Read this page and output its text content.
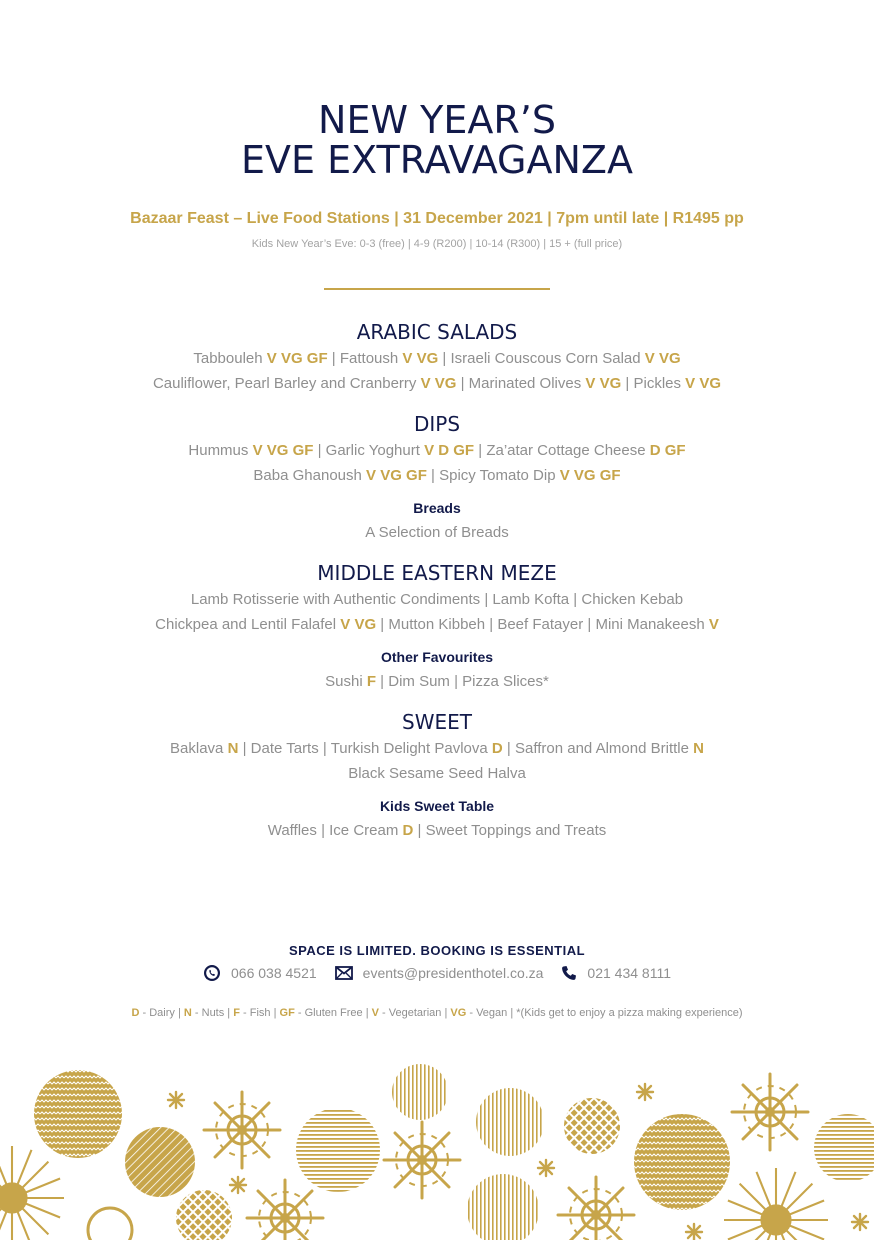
NEW YEAR’S
EVE EXTRAVAGANZA
Bazaar Feast – Live Food Stations | 31 December 2021 | 7pm until late | R1495 pp
Kids New Year’s Eve: 0-3 (free) | 4-9 (R200) | 10-14 (R300) | 15 + (full price)
ARABIC SALADS
Tabbouleh V VG GF | Fattoush V VG | Israeli Couscous Corn Salad V VG
Cauliflower, Pearl Barley and Cranberry V VG | Marinated Olives V VG | Pickles V VG
DIPS
Hummus V VG GF | Garlic Yoghurt V D GF | Za’atar Cottage Cheese D GF
Baba Ghanoush V VG GF | Spicy Tomato Dip V VG GF
Breads
A Selection of Breads
MIDDLE EASTERN MEZE
Lamb Rotisserie with Authentic Condiments | Lamb Kofta | Chicken Kebab
Chickpea and Lentil Falafel V VG | Mutton Kibbeh | Beef Fatayer | Mini Manakeesh V
Other Favourites
Sushi F | Dim Sum | Pizza Slices*
SWEET
Baklava N | Date Tarts | Turkish Delight Pavlova D | Saffron and Almond Brittle N
Black Sesame Seed Halva
Kids Sweet Table
Waffles | Ice Cream D | Sweet Toppings and Treats
SPACE IS LIMITED. BOOKING IS ESSENTIAL
066 038 4521	events@presidenthotel.co.za	021 434 8111
D - Dairy | N - Nuts | F - Fish | GF - Gluten Free | V - Vegetarian | VG - Vegan | *(Kids get to enjoy a pizza making experience)
